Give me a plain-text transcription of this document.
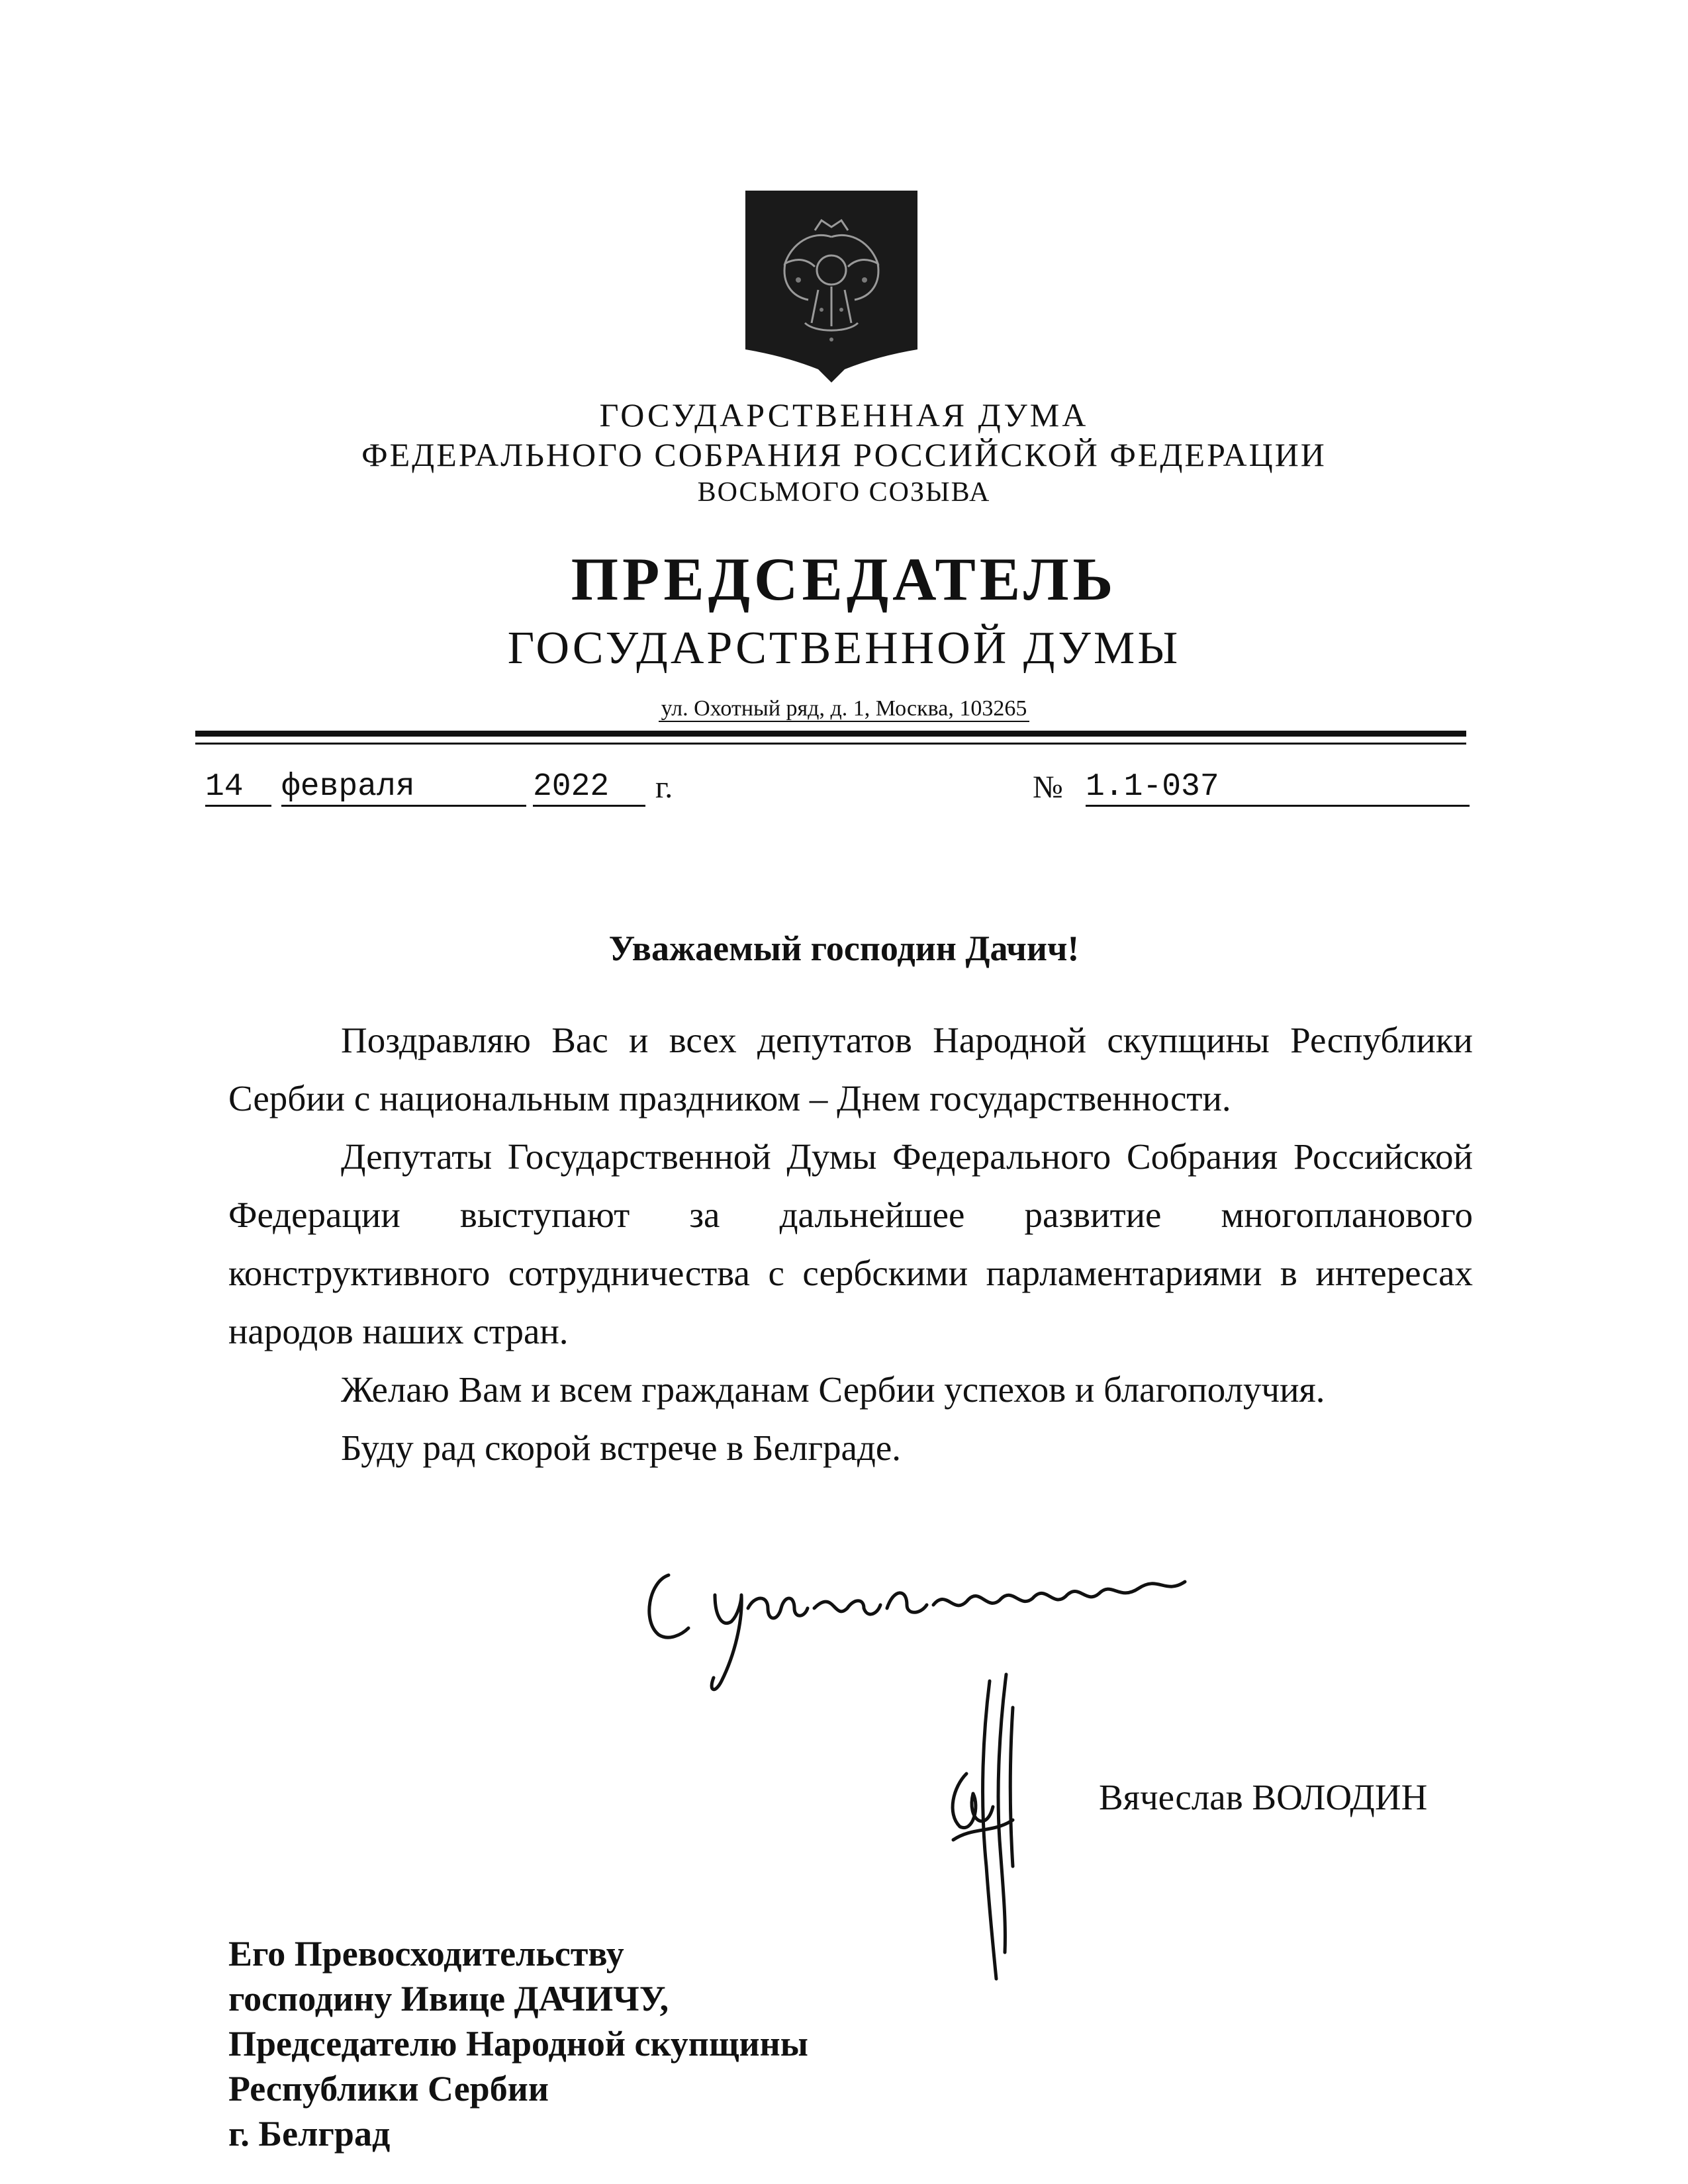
ГОСУДАРСТВЕННАЯ ДУМА
ФЕДЕРАЛЬНОГО СОБРАНИЯ РОССИЙСКОЙ ФЕДЕРАЦИИ
ВОСЬМОГО СОЗЫВА
ПРЕДСЕДАТЕЛЬ
ГОСУДАРСТВЕННОЙ ДУМЫ
ул. Охотный ряд, д. 1, Москва, 103265
14	февраля	2022	г.	№ 1.1-037
Уважаемый господин Дачич!

Поздравляю Вас и всех депутатов Народной скупщины Республики Сербии с национальным праздником – Днем государственности.

Депутаты Государственной Думы Федерального Собрания Российской Федерации выступают за дальнейшее развитие многопланового конструктивного сотрудничества с сербскими парламентариями в интересах народов наших стран.

Желаю Вам и всем гражданам Сербии успехов и благополучия.

Буду рад скорой встрече в Белграде.

Вячеслав ВОЛОДИН
Его Превосходительству
господину Ивице ДАЧИЧУ,
Председателю Народной скупщины
Республики Сербии
г. Белград
